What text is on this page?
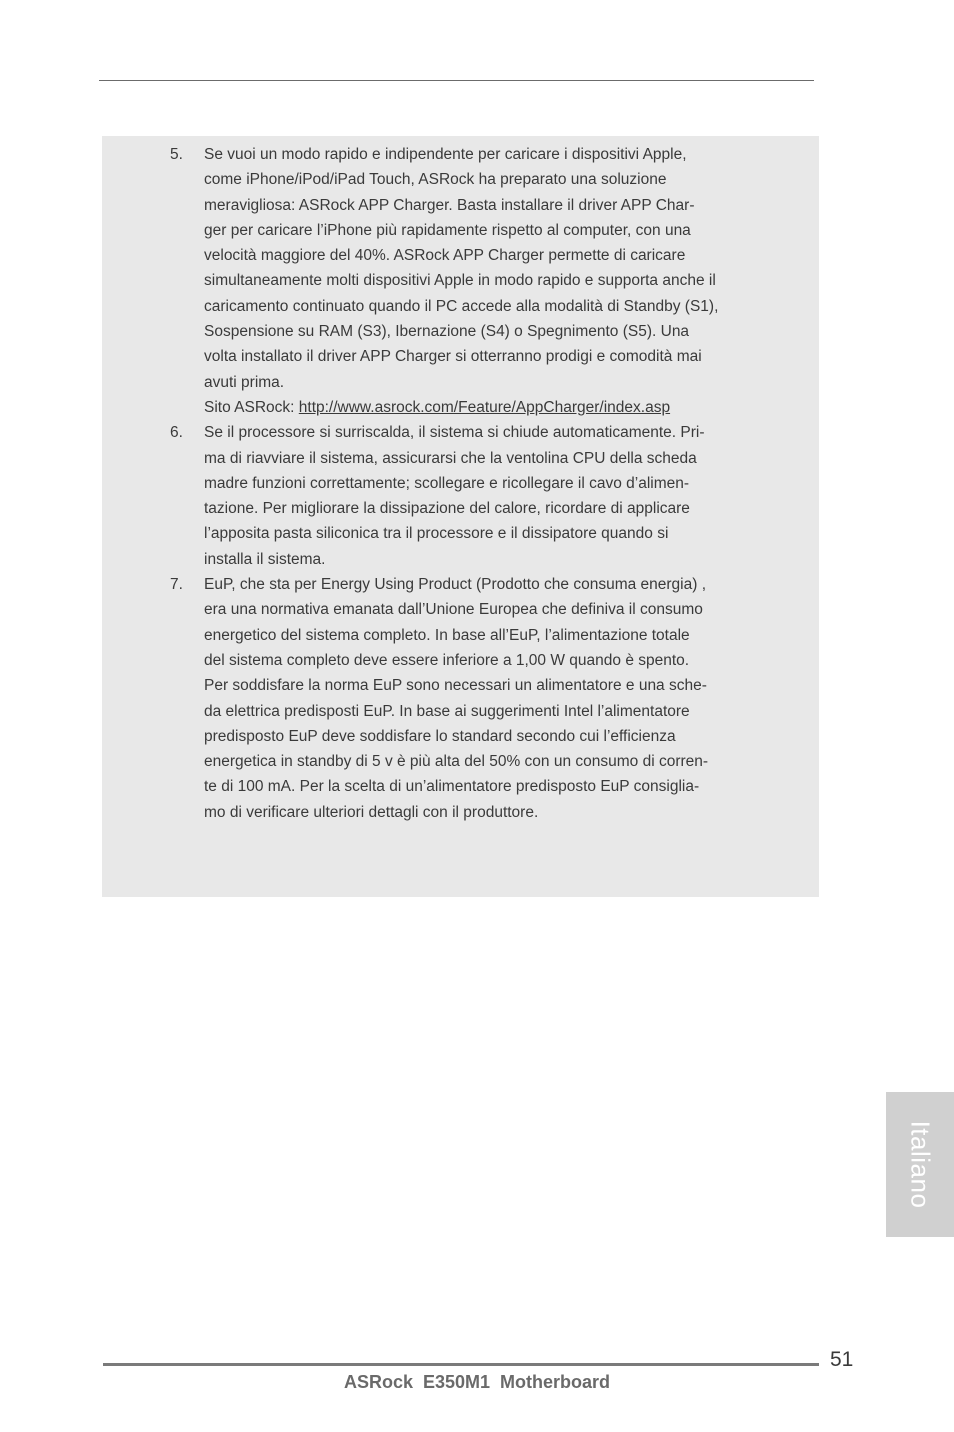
5.	Se vuoi un modo rapido e indipendente per caricare i dispositivi Apple,
come iPhone/iPod/iPad Touch, ASRock ha preparato una soluzione
meravigliosa: ASRock APP Charger. Basta installare il driver APP Char-
ger per caricare l’iPhone più rapidamente rispetto al computer, con una
velocità maggiore del 40%. ASRock APP Charger permette di caricare
simultaneamente molti dispositivi Apple in modo rapido e supporta anche il
caricamento continuato quando il PC accede alla modalità di Standby (S1),
Sospensione su RAM (S3), Ibernazione (S4) o Spegnimento (S5). Una
volta installato il driver APP Charger si otterranno prodigi e comodità mai
avuti prima.
Sito ASRock: http://www.asrock.com/Feature/AppCharger/index.asp
6.	Se il processore si surriscalda, il sistema si chiude automaticamente. Pri-
ma di riavviare il sistema, assicurarsi che la ventolina CPU della scheda
madre funzioni correttamente; scollegare e ricollegare il cavo d’alimen-
tazione. Per migliorare la dissipazione del calore, ricordare di applicare
l’apposita pasta siliconica tra il processore e il dissipatore quando si
installa il sistema.
7.	EuP, che sta per Energy Using Product (Prodotto che consuma energia) ,
era una normativa emanata dall’Unione Europea che definiva il consumo
energetico del sistema completo. In base all’EuP, l’alimentazione totale
del sistema completo deve essere inferiore a 1,00 W quando è spento.
Per soddisfare la norma EuP sono necessari un alimentatore e una sche-
da elettrica predisposti EuP. In base ai suggerimenti Intel l’alimentatore
predisposto EuP deve soddisfare lo standard secondo cui l’efficienza
energetica in standby di 5 v è più alta del 50% con un consumo di corren-
te di 100 mA. Per la scelta di un’alimentatore predisposto EuP consiglia-
mo di verificare ulteriori dettagli con il produttore.
Italiano
51
ASRock E350M1 Motherboard
